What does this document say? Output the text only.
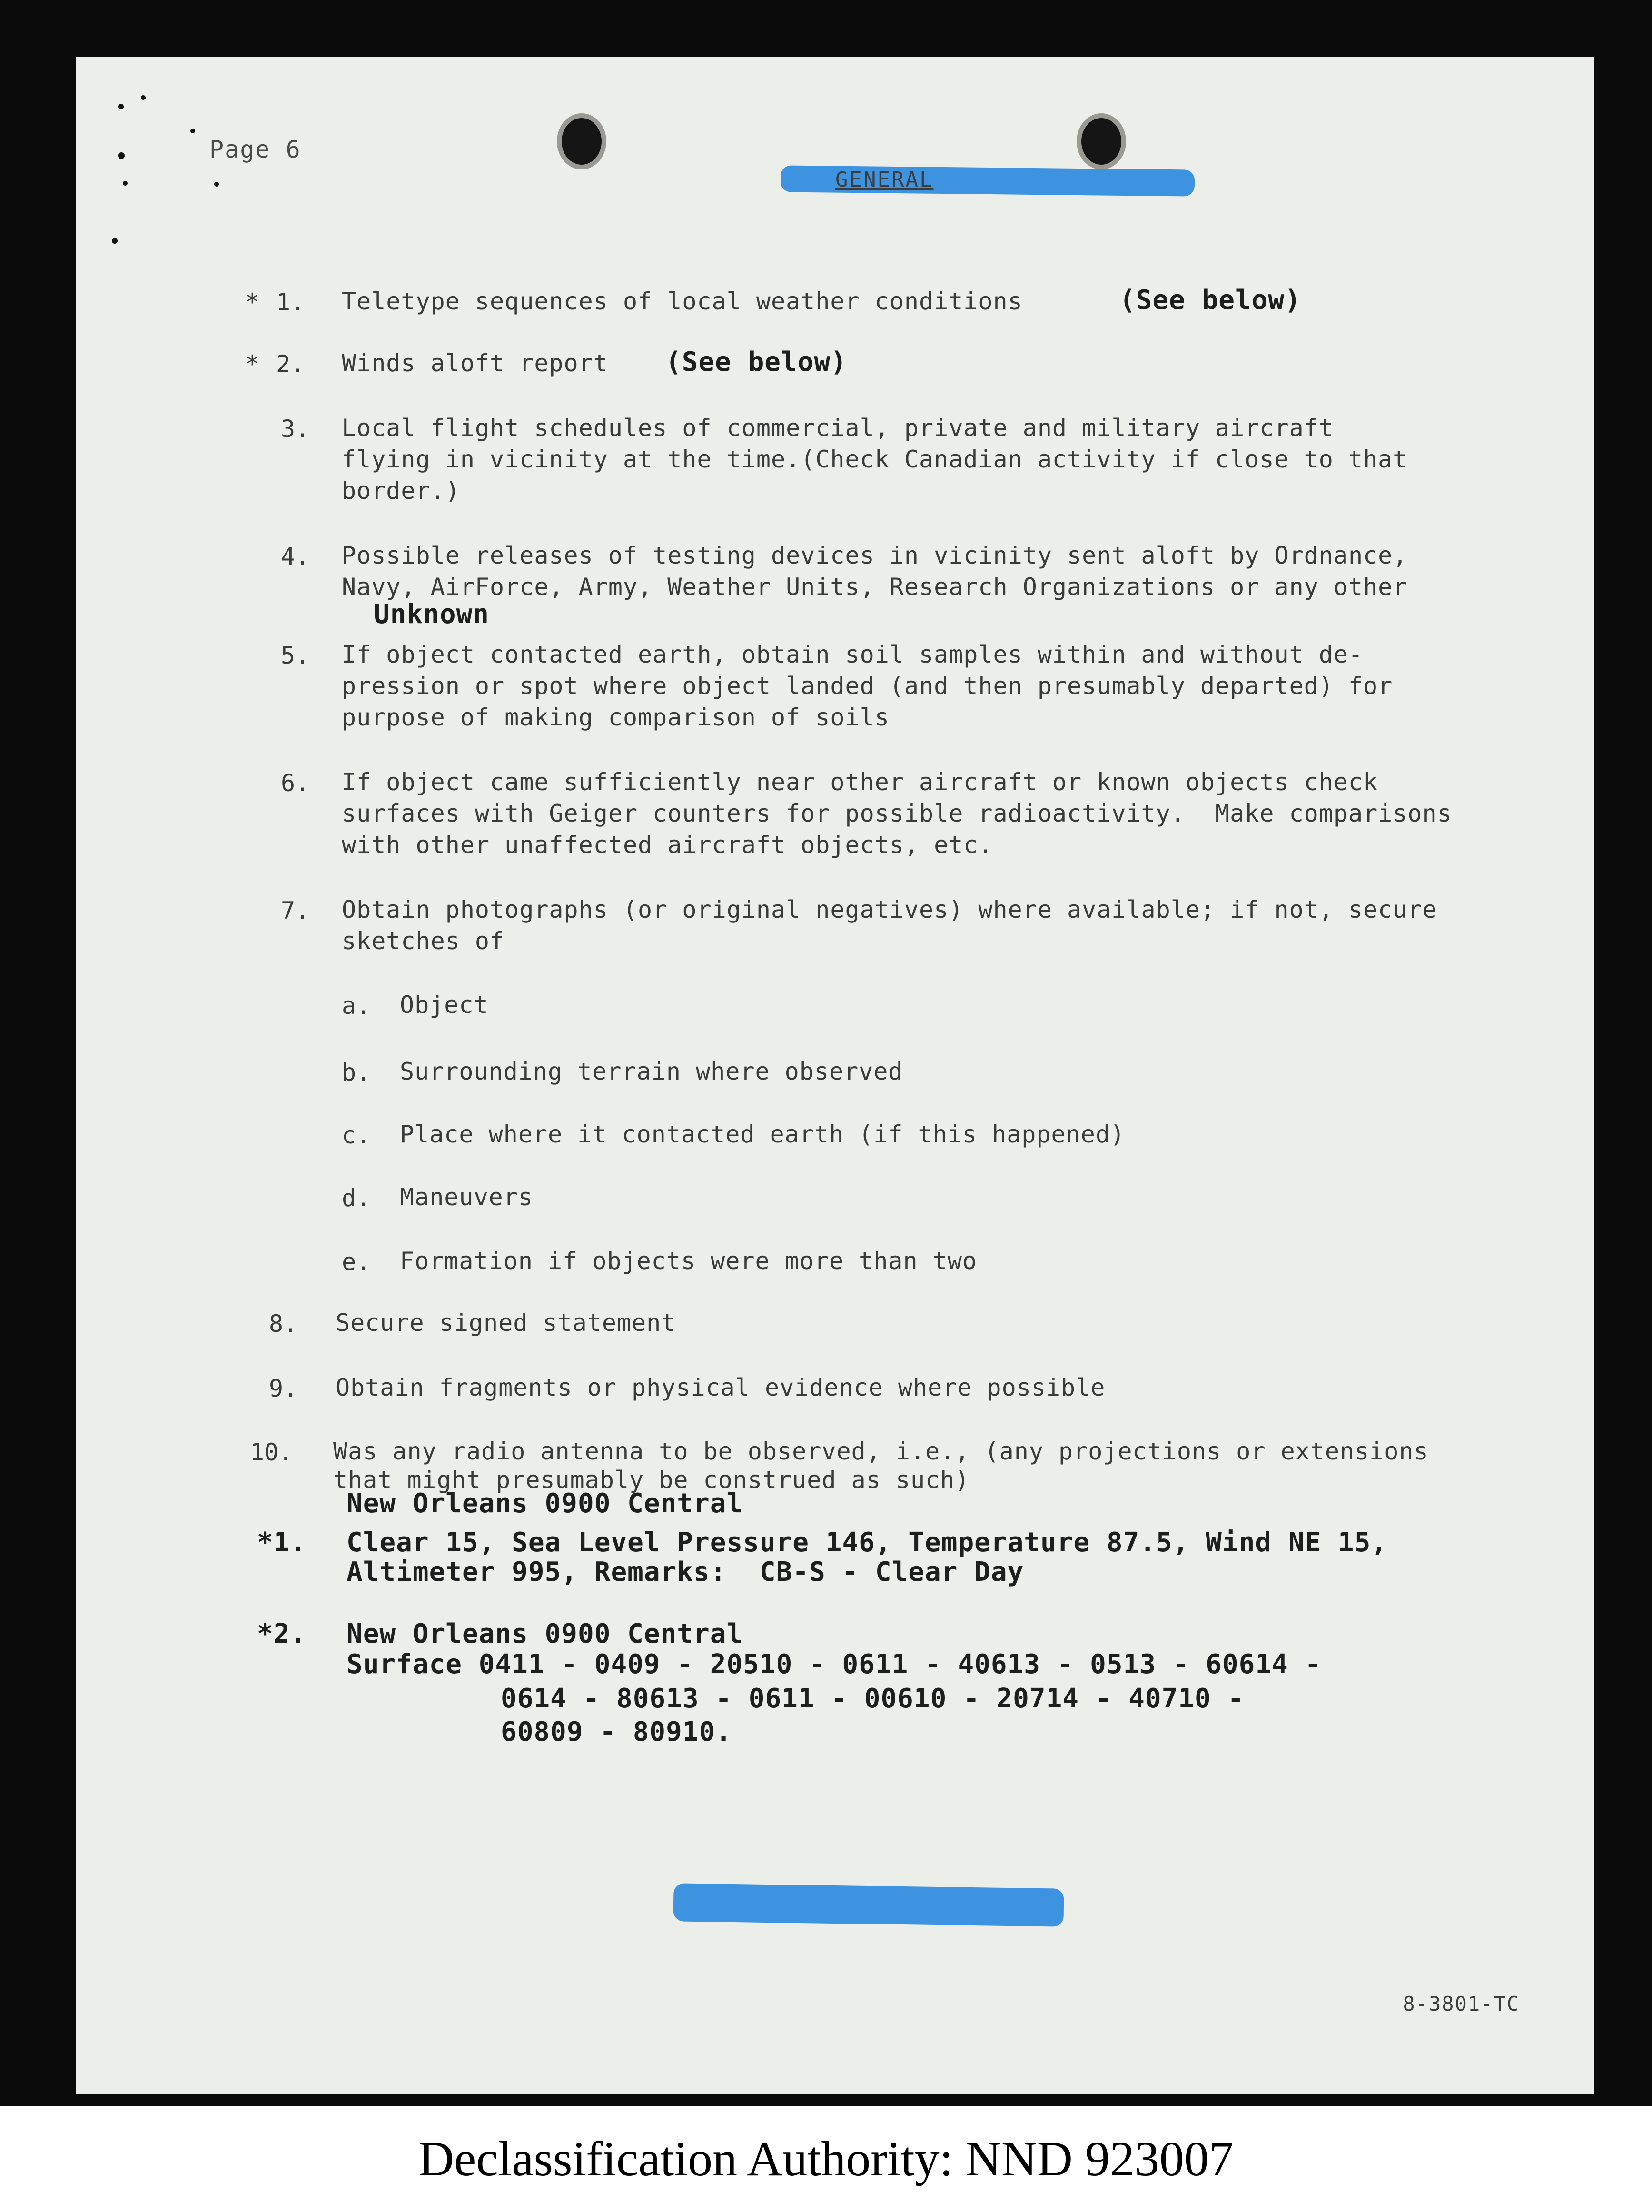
Page 6
GENERAL
* 1. Teletype sequences of local weather conditions	(See below)
* 2. Winds aloft report (See below)
3. Local flight schedules of commercial, private and military aircraft
flying in vicinity at the time.(Check Canadian activity if close to that
border.)
4. Possible releases of testing devices in vicinity sent aloft by Ordnance,
Navy, AirForce, Army, Weather Units, Research Organizations or any other
Unknown
5. If object contacted earth, obtain soil samples within and without de-
pression or spot where object landed (and then presumably departed) for
purpose of making comparison of soils
6. If object came sufficiently near other aircraft or known objects check
surfaces with Geiger counters for possible radioactivity.  Make comparisons
with other unaffected aircraft objects, etc.
7. Obtain photographs (or original negatives) where available; if not, secure
sketches of
a. Object
b. Surrounding terrain where observed
c. Place where it contacted earth (if this happened)
d. Maneuvers
e. Formation if objects were more than two
8. Secure signed statement
9. Obtain fragments or physical evidence where possible
10. Was any radio antenna to be observed, i.e., (any projections or extensions
that might presumably be construed as such)
New Orleans 0900 Central
*1. Clear 15, Sea Level Pressure 146, Temperature 87.5, Wind NE 15,
Altimeter 995, Remarks:  CB-S - Clear Day
*2. New Orleans 0900 Central
Surface 0411 - 0409 - 20510 - 0611 - 40613 - 0513 - 60614 -
0614 - 80613 - 0611 - 00610 - 20714 - 40710 -
60809 - 80910.
8-3801-TC
Declassification Authority: NND 923007
